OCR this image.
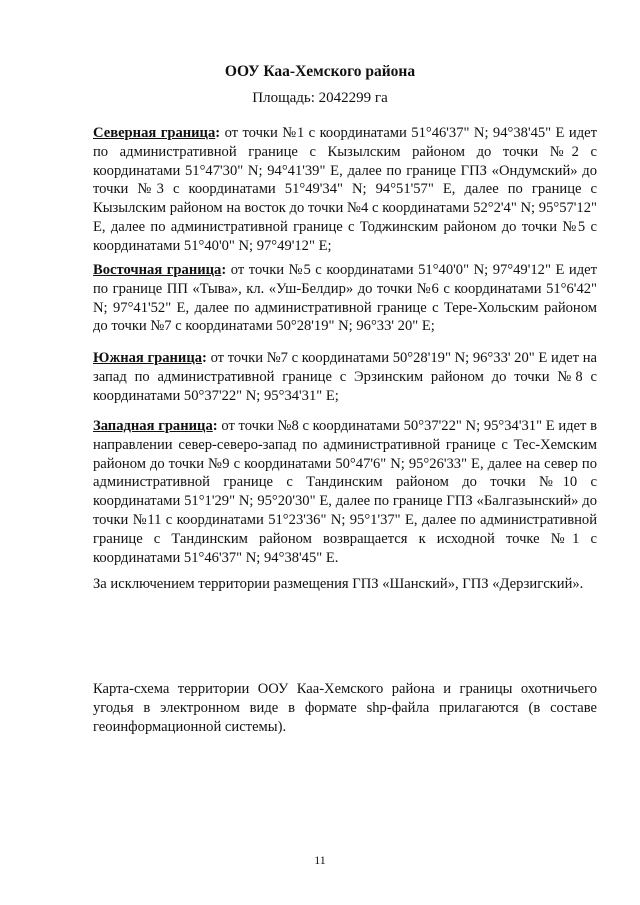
ООУ Каа-Хемского района
Площадь: 2042299 га

Северная граница: от точки №1 с координатами 51°46'37" N; 94°38'45" Е идет по административной границе с Кызылским районом до точки №2 с координатами 51°47'30" N; 94°41'39" Е, далее по границе ГПЗ «Ондумский» до точки №3 с координатами 51°49'34" N; 94°51'57" Е, далее по границе с Кызылским районом на восток до точки №4 с координатами 52°2'4" N; 95°57'12" Е, далее по административной границе с Тоджинским районом до точки №5 с координатами 51°40'0" N; 97°49'12" Е;

Восточная граница: от точки №5 с координатами 51°40'0" N; 97°49'12" Е идет по границе ПП «Тыва», кл. «Уш-Белдир» до точки №6 с координатами 51°6'42" N; 97°41'52" Е, далее по административной границе с Тере-Хольским районом до точки №7 с координатами 50°28'19" N; 96°33' 20" Е;

Южная граница: от точки №7 с координатами 50°28'19" N; 96°33' 20" Е идет на запад по административной границе с Эрзинским районом до точки №8 с координатами 50°37'22" N; 95°34'31" Е;

Западная граница: от точки №8 с координатами 50°37'22" N; 95°34'31" Е идет в направлении север-северо-запад по административной границе с Тес-Хемским районом до точки №9 с координатами 50°47'6" N; 95°26'33" Е, далее на север по административной границе с Тандинским районом до точки №10 с координатами 51°1'29" N; 95°20'30" Е, далее по границе ГПЗ «Балгазынский» до точки №11 с координатами 51°23'36" N; 95°1'37" Е, далее по административной границе с Тандинским районом возвращается к исходной точке №1 с координатами 51°46'37" N; 94°38'45" Е.

За исключением территории размещения ГПЗ «Шанский», ГПЗ «Дерзигский».

Карта-схема территории ООУ Каа-Хемского района и границы охотничьего угодья в электронном виде в формате shp-файла прилагаются (в составе геоинформационной системы).

11
